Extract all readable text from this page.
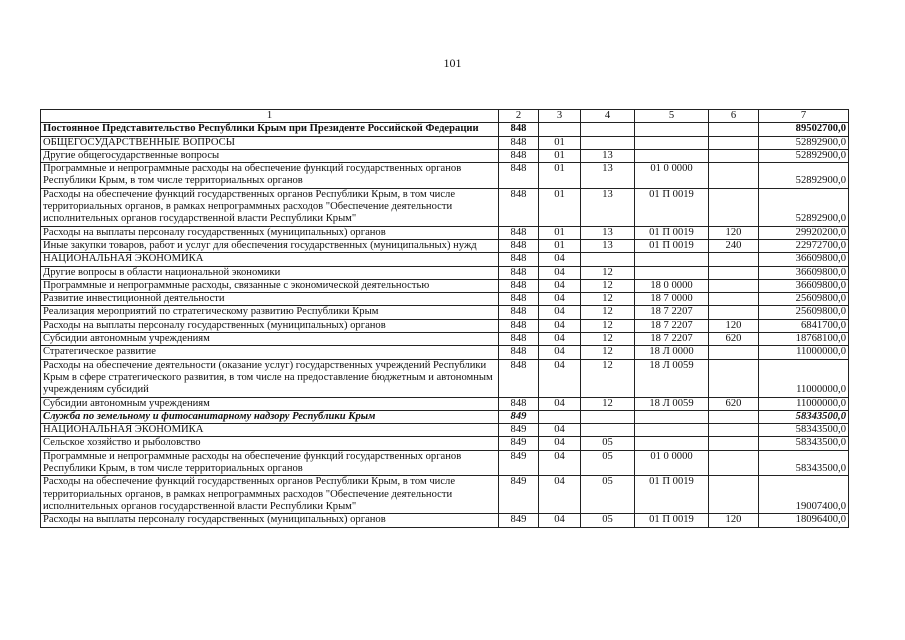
101
1	2	3	4	5	6	7
Постоянное Представительство Республики Крым при Президенте Российской Федерации	848					89502700,0
ОБЩЕГОСУДАРСТВЕННЫЕ ВОПРОСЫ	848	01				52892900,0
Другие общегосударственные вопросы	848	01	13			52892900,0
Программные и непрограммные расходы на обеспечение функций государственных органов Республики Крым, в том числе территориальных органов	848	01	13	01 0 0000		52892900,0
Расходы на обеспечение функций государственных органов Республики Крым, в том числе территориальных органов, в рамках непрограммных расходов "Обеспечение деятельности исполнительных органов государственной власти Республики Крым"	848	01	13	01 П 0019		52892900,0
Расходы на выплаты персоналу государственных (муниципальных) органов	848	01	13	01 П 0019	120	29920200,0
Иные закупки товаров, работ и услуг для обеспечения государственных (муниципальных) нужд	848	01	13	01 П 0019	240	22972700,0
НАЦИОНАЛЬНАЯ ЭКОНОМИКА	848	04				36609800,0
Другие вопросы в области национальной экономики	848	04	12			36609800,0
Программные и непрограммные расходы, связанные с экономической деятельностью	848	04	12	18 0 0000		36609800,0
Развитие инвестиционной деятельности	848	04	12	18 7 0000		25609800,0
Реализация мероприятий по стратегическому развитию Республики Крым	848	04	12	18 7 2207		25609800,0
Расходы на выплаты персоналу государственных (муниципальных) органов	848	04	12	18 7 2207	120	6841700,0
Субсидии автономным учреждениям	848	04	12	18 7 2207	620	18768100,0
Стратегическое развитие	848	04	12	18 Л 0000		11000000,0
Расходы на обеспечение деятельности (оказание услуг) государственных учреждений Республики Крым в сфере стратегического развития, в том числе на предоставление бюджетным и автономным учреждениям субсидий	848	04	12	18 Л 0059		11000000,0
Субсидии автономным учреждениям	848	04	12	18 Л 0059	620	11000000,0
Служба по земельному и фитосанитарному надзору Республики Крым	849					58343500,0
НАЦИОНАЛЬНАЯ ЭКОНОМИКА	849	04				58343500,0
Сельское хозяйство и рыболовство	849	04	05			58343500,0
Программные и непрограммные расходы на обеспечение функций государственных органов Республики Крым, в том числе территориальных органов	849	04	05	01 0 0000		58343500,0
Расходы на обеспечение функций государственных органов Республики Крым, в том числе территориальных органов, в рамках непрограммных расходов "Обеспечение деятельности исполнительных органов государственной власти Республики Крым"	849	04	05	01 П 0019		19007400,0
Расходы на выплаты персоналу государственных (муниципальных) органов	849	04	05	01 П 0019	120	18096400,0
